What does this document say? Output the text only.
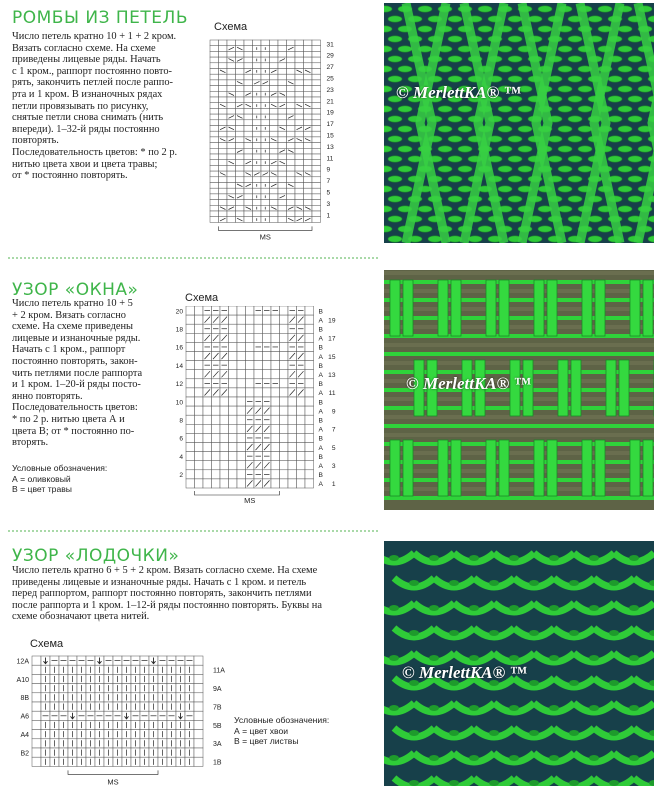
РОМБЫ ИЗ ПЕТЕЛЬ

Число петель кратно 10 + 1 + 2 кром.

Вязать согласно схеме. На схеме

приведены лицевые ряды. Начать

с 1 кром., раппорт постоянно повто-

рять, закончить петлей после раппо-

рта и 1 кром. В изнаночных рядах

петли провязывать по рисунку,

снятые петли снова снимать (нить

впереди). 1–32-й ряды постоянно

повторять.

Последовательность цветов: * по 2 р.

нитью цвета хвои и цвета травы;

от * постоянно повторять.

Схема
31
29
27
25
23
21
19
17
15
13
11
9
7
5
3
1
MS
© MerlettKA® ™
УЗОР «ОКНА»

Число петель кратно 10 + 5

+ 2 кром. Вязать согласно

схеме. На схеме приведены

лицевые и изнаночные ряды.

Начать с 1 кром., раппорт

постоянно повторять, закон-

чить петлями после раппорта

и 1 кром. 1–20-й ряды посто-

янно повторять.

Последовательность цветов:

* по 2 р. нитью цвета А и

цвета В; от * постоянно по-

вторять.

Условные обозначения:
А = оливковый
В = цвет травы
Схема
20
18
16
14
12
10
8
6
4
2
B
A
B
A
B
A
B
A
B
A
B
A
B
A
B
A
B
A
B
A
19
17
15
13
11
9
7
5
3
1
MS
© MerlettKA® ™
УЗОР «ЛОДОЧКИ»

Число петель кратно 6 + 5 + 2 кром. Вязать согласно схеме. На схеме

приведены лицевые и изнаночные ряды. Начать с 1 кром. и петель

перед раппортом, раппорт постоянно повторять, закончить петлями

после раппорта и 1 кром. 1–12-й ряды постоянно повторять. Буквы на

схеме обозначают цвета нитей.

Схема
12A
A10
8B
A6
A4
B2
11A
9A
7B
5B
3A
1B
MS
Условные обозначения:
А = цвет хвои
В = цвет листвы
© MerlettKA® ™
